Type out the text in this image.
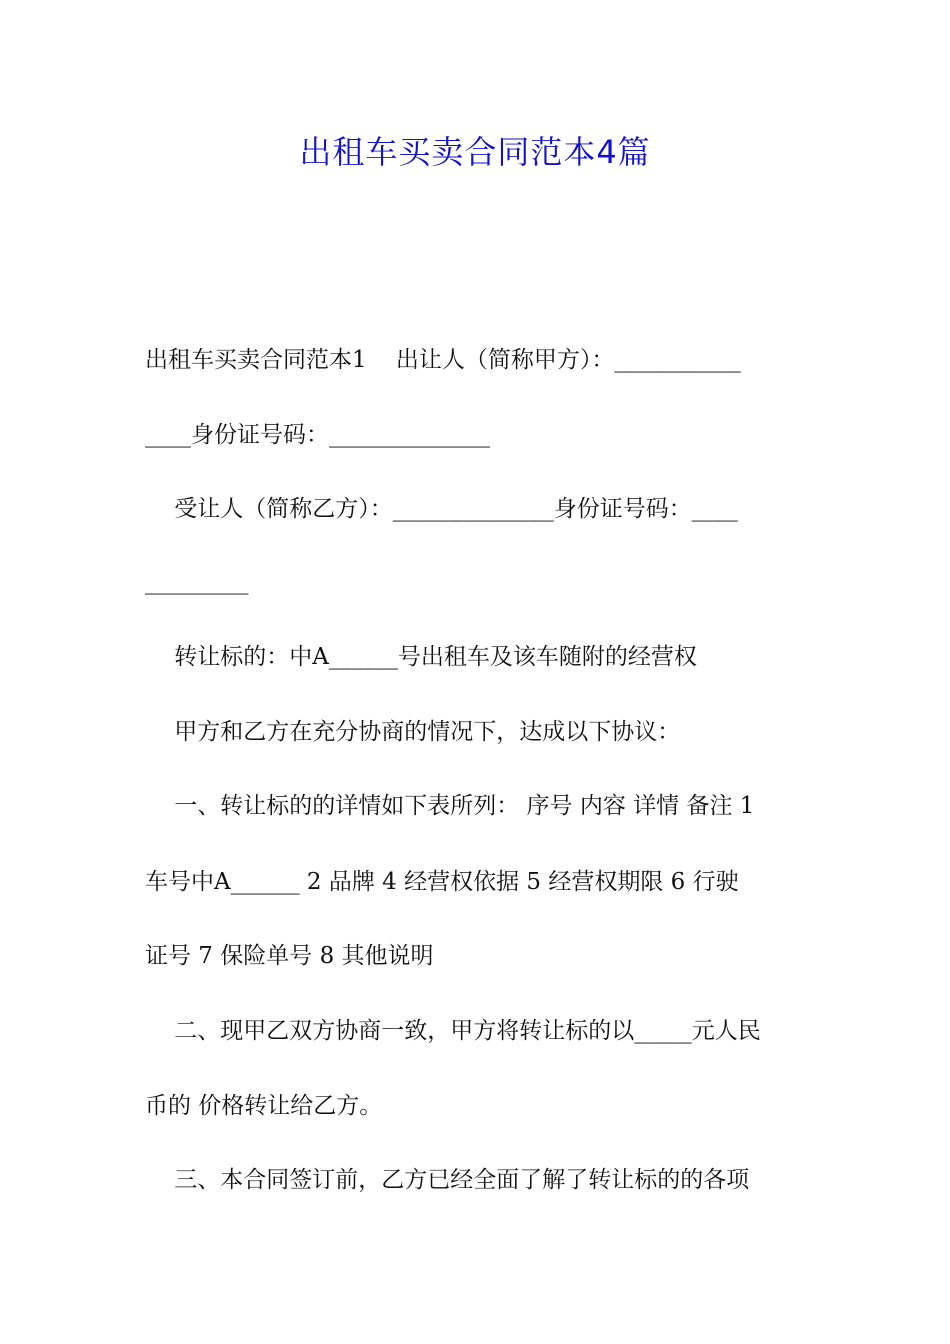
出租车买卖合同范本4篇

出租车买卖合同范本1    出让人（简称甲方）：___________

____身份证号码：______________

受让人（简称乙方）：______________身份证号码：____

_________

转让标的：中A______号出租车及该车随附的经营权

甲方和乙方在充分协商的情况下，达成以下协议：

一、转让标的的详情如下表所列： 序号 内容 详情 备注 1

车号中A______ 2 品牌 4 经营权依据 5 经营权期限 6 行驶

证号 7 保险单号 8 其他说明

二、现甲乙双方协商一致，甲方将转让标的以_____元人民

币的 价格转让给乙方。

三、本合同签订前，乙方已经全面了解了转让标的的各项
